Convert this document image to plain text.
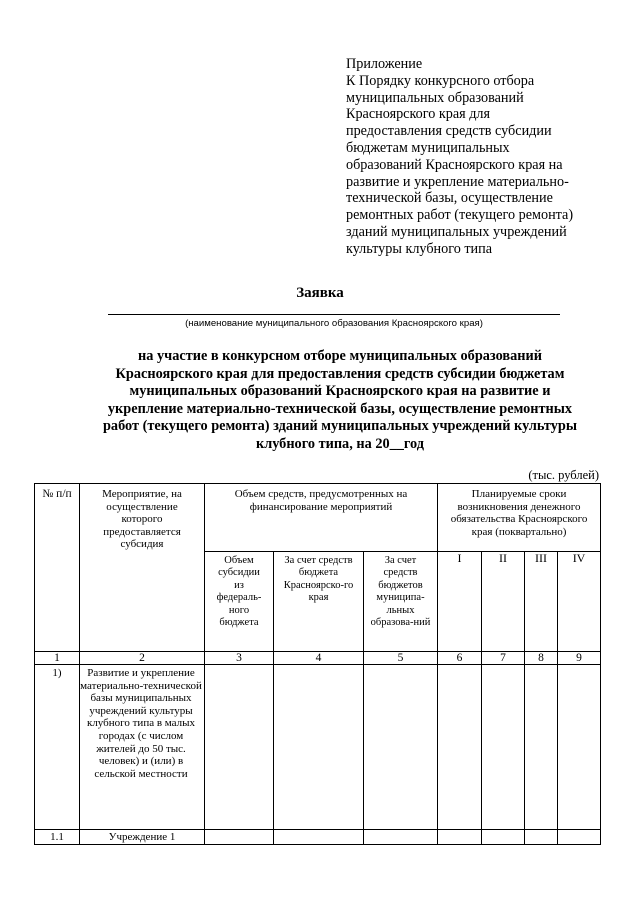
Приложение
К Порядку конкурсного отбора
муниципальных образований
Красноярского края для
предоставления средств субсидии
бюджетам муниципальных
образований Красноярского края на
развитие и укрепление материально-
технической базы, осуществление
ремонтных работ (текущего ремонта)
зданий муниципальных учреждений
культуры клубного типа
Заявка
(наименование муниципального образования Красноярского края)
на участие в конкурсном отборе муниципальных образований
Красноярского края для предоставления средств субсидии бюджетам
муниципальных образований Красноярского края на развитие и
укрепление материально-технической базы, осуществление ремонтных
работ (текущего ремонта) зданий муниципальных учреждений культуры
клубного типа, на 20__год
(тыс. рублей)
№ п/п	Мероприятие, на осуществление которого предоставляется субсидия	Объем средств, предусмотренных на финансирование мероприятий			Планируемые сроки возникновения денежного обязательства Красноярского края (поквартально)			
		Объем субсидии из федераль-ного бюджета	За счет средств бюджета Красноярско-го края	За счет средств бюджетов муниципа-льных образова-ний	I	II	III	IV
1	2	3	4	5	6	7	8	9
1)	Развитие и укрепление материально-технической базы муниципальных учреждений культуры клубного типа в малых городах (с числом жителей до 50 тыс. человек) и (или) в сельской местности							
1.1	Учреждение 1							
